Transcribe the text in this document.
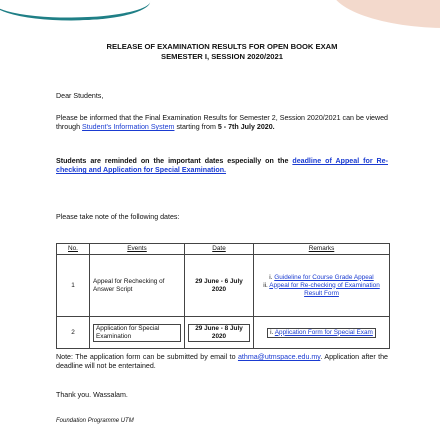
RELEASE OF EXAMINATION RESULTS FOR OPEN BOOK EXAM
SEMESTER I, SESSION 2020/2021

Dear Students,

Please be informed that the Final Examination Results for Semester 2, Session 2020/2021 can be viewed through Student's Information System starting from 5 - 7th July 2020.

Students are reminded on the important dates especially on the deadline of Appeal for Re-checking and Application for Special Examination.

Please take note of the following dates:

No.	Events	Date	Remarks
1	Appeal for Rechecking of Answer Script	29 June - 6 July 2020	i. Guideline for Course Grade Appeal
ii. Appeal for Re-checking of Examination Result Form

2	Application for Special Examination	29 June - 8 July 2020	i. Application Form for Special Exam

Note: The application form can be submitted by email to athma@utmspace.edu.my. Application after the deadline will not be entertained.

Thank you. Wassalam.

Foundation Programme UTM
